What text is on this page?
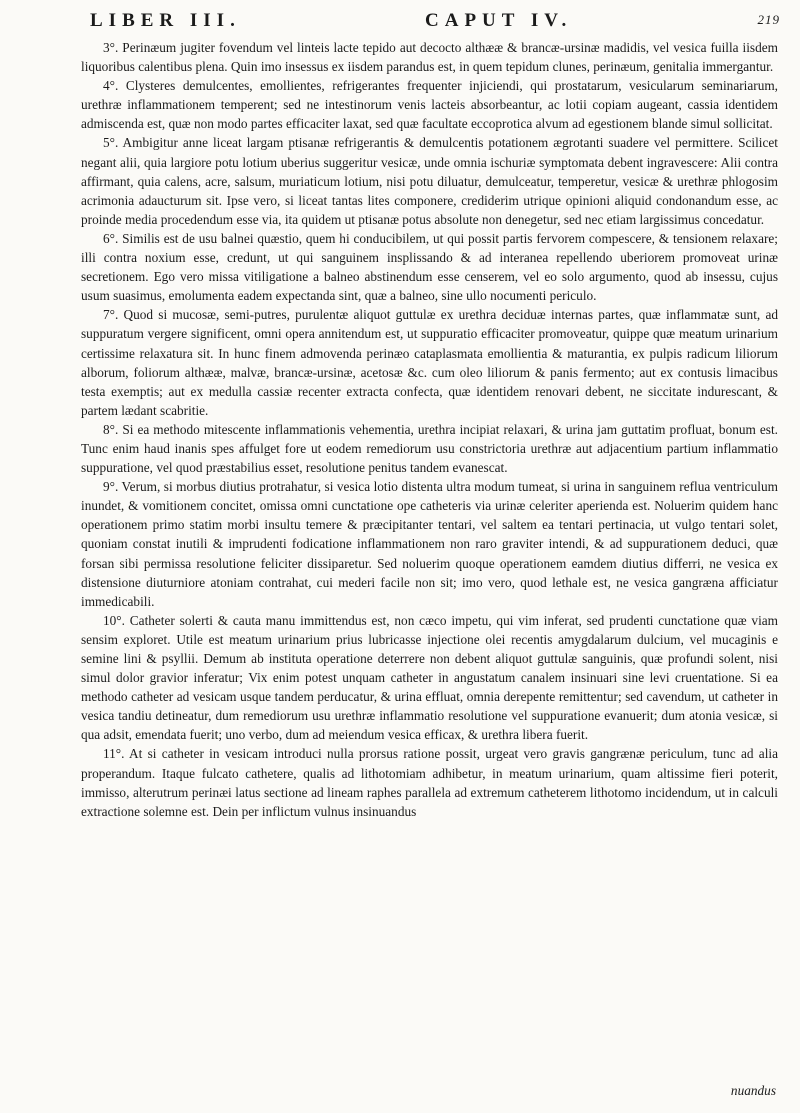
LIBER III.	CAPUT IV.	219

3°. Perinæum jugiter fovendum vel linteis lacte tepido aut decocto althææ & brancæ-ursinæ madidis, vel vesica fuilla iisdem liquoribus calentibus plena. Quin imo insessus ex iisdem parandus est, in quem tepidum clunes, perinæum, genitalia immergantur.

4°. Clysteres demulcentes, emollientes, refrigerantes frequenter injiciendi, qui prostatarum, vesicularum seminariarum, urethræ inflammationem temperent; sed ne intestinorum venis lacteis absorbeantur, ac lotii copiam augeant, cassia identidem admiscenda est, quæ non modo partes efficaciter laxat, sed quæ facultate eccoprotica alvum ad egestionem blande simul sollicitat.

5°. Ambigitur anne liceat largam ptisanæ refrigerantis & demulcentis potationem ægrotanti suadere vel permittere. Scilicet negant alii, quia largiore potu lotium uberius suggeritur vesicæ, unde omnia ischuriæ symptomata debent ingravescere: Alii contra affirmant, quia calens, acre, salsum, muriaticum lotium, nisi potu diluatur, demulceatur, temperetur, vesicæ & urethræ phlogosim acrimonia adaucturum sit. Ipse vero, si liceat tantas lites componere, crediderim utrique opinioni aliquid condonandum esse, ac proinde media procedendum esse via, ita quidem ut ptisanæ potus absolute non denegetur, sed nec etiam largissimus concedatur.

6°. Similis est de usu balnei quæstio, quem hi conducibilem, ut qui possit partis fervorem compescere, & tensionem relaxare; illi contra noxium esse, credunt, ut qui sanguinem insplissando & ad interanea repellendo uberiorem promoveat urinæ secretionem. Ego vero missa vitiligatione a balneo abstinendum esse censerem, vel eo solo argumento, quod ab insessu, cujus usum suasimus, emolumenta eadem expectanda sint, quæ a balneo, sine ullo nocumenti periculo.

7°. Quod si mucosæ, semi-putres, purulentæ aliquot guttulæ ex urethra deciduæ internas partes, quæ inflammatæ sunt, ad suppuratum vergere significent, omni opera annitendum est, ut suppuratio efficaciter promoveatur, quippe quæ meatum urinarium certissime relaxatura sit. In hunc finem admovenda perinæo cataplasmata emollientia & maturantia, ex pulpis radicum liliorum alborum, foliorum althææ, malvæ, brancæ-ursinæ, acetosæ &c. cum oleo liliorum & panis fermento; aut ex contusis limacibus testa exemptis; aut ex medulla cassiæ recenter extracta confecta, quæ identidem renovari debent, ne siccitate indurescant, & partem lædant scabritie.

8°. Si ea methodo mitescente inflammationis vehementia, urethra incipiat relaxari, & urina jam guttatim profluat, bonum est. Tunc enim haud inanis spes affulget fore ut eodem remediorum usu constrictoria urethræ aut adjacentium partium inflammatio suppuratione, vel quod præstabilius esset, resolutione penitus tandem evanescat.

9°. Verum, si morbus diutius protrahatur, si vesica lotio distenta ultra modum tumeat, si urina in sanguinem reflua ventriculum inundet, & vomitionem concitet, omissa omni cunctatione ope catheteris via urinæ celeriter aperienda est. Noluerim quidem hanc operationem primo statim morbi insultu temere & præcipitanter tentari, vel saltem ea tentari pertinacia, ut vulgo tentari solet, quoniam constat inutili & imprudenti fodicatione inflammationem non raro graviter intendi, & ad suppurationem deduci, quæ forsan sibi permissa resolutione feliciter dissiparetur. Sed noluerim quoque operationem eamdem diutius differri, ne vesica ex distensione diuturniore atoniam contrahat, cui mederi facile non sit; imo vero, quod lethale est, ne vesica gangræna afficiatur immedicabili.

10°. Catheter solerti & cauta manu immittendus est, non cæco impetu, qui vim inferat, sed prudenti cunctatione quæ viam sensim exploret. Utile est meatum urinarium prius lubricasse injectione olei recentis amygdalarum dulcium, vel mucaginis e semine lini & psyllii. Demum ab instituta operatione deterrere non debent aliquot guttulæ sanguinis, quæ profundi solent, nisi simul dolor gravior inferatur; Vix enim potest unquam catheter in angustatum canalem insinuari sine levi cruentatione. Si ea methodo catheter ad vesicam usque tandem perducatur, & urina effluat, omnia derepente remittentur; sed cavendum, ut catheter in vesica tandiu detineatur, dum remediorum usu urethræ inflammatio resolutione vel suppuratione evanuerit; dum atonia vesicæ, si qua adsit, emendata fuerit; uno verbo, dum ad meiendum vesica efficax, & urethra libera fuerit.

11°. At si catheter in vesicam introduci nulla prorsus ratione possit, urgeat vero gravis gangrænæ periculum, tunc ad alia properandum. Itaque fulcato cathetere, qualis ad lithotomiam adhibetur, in meatum urinarium, quam altissime fieri poterit, immisso, alterutrum perinæi latus sectione ad lineam raphes parallela ad extremum catheterem lithotomo incidendum, ut in calculi extractione solemne est. Dein per inflictum vulnus insinuandus

nuandus
